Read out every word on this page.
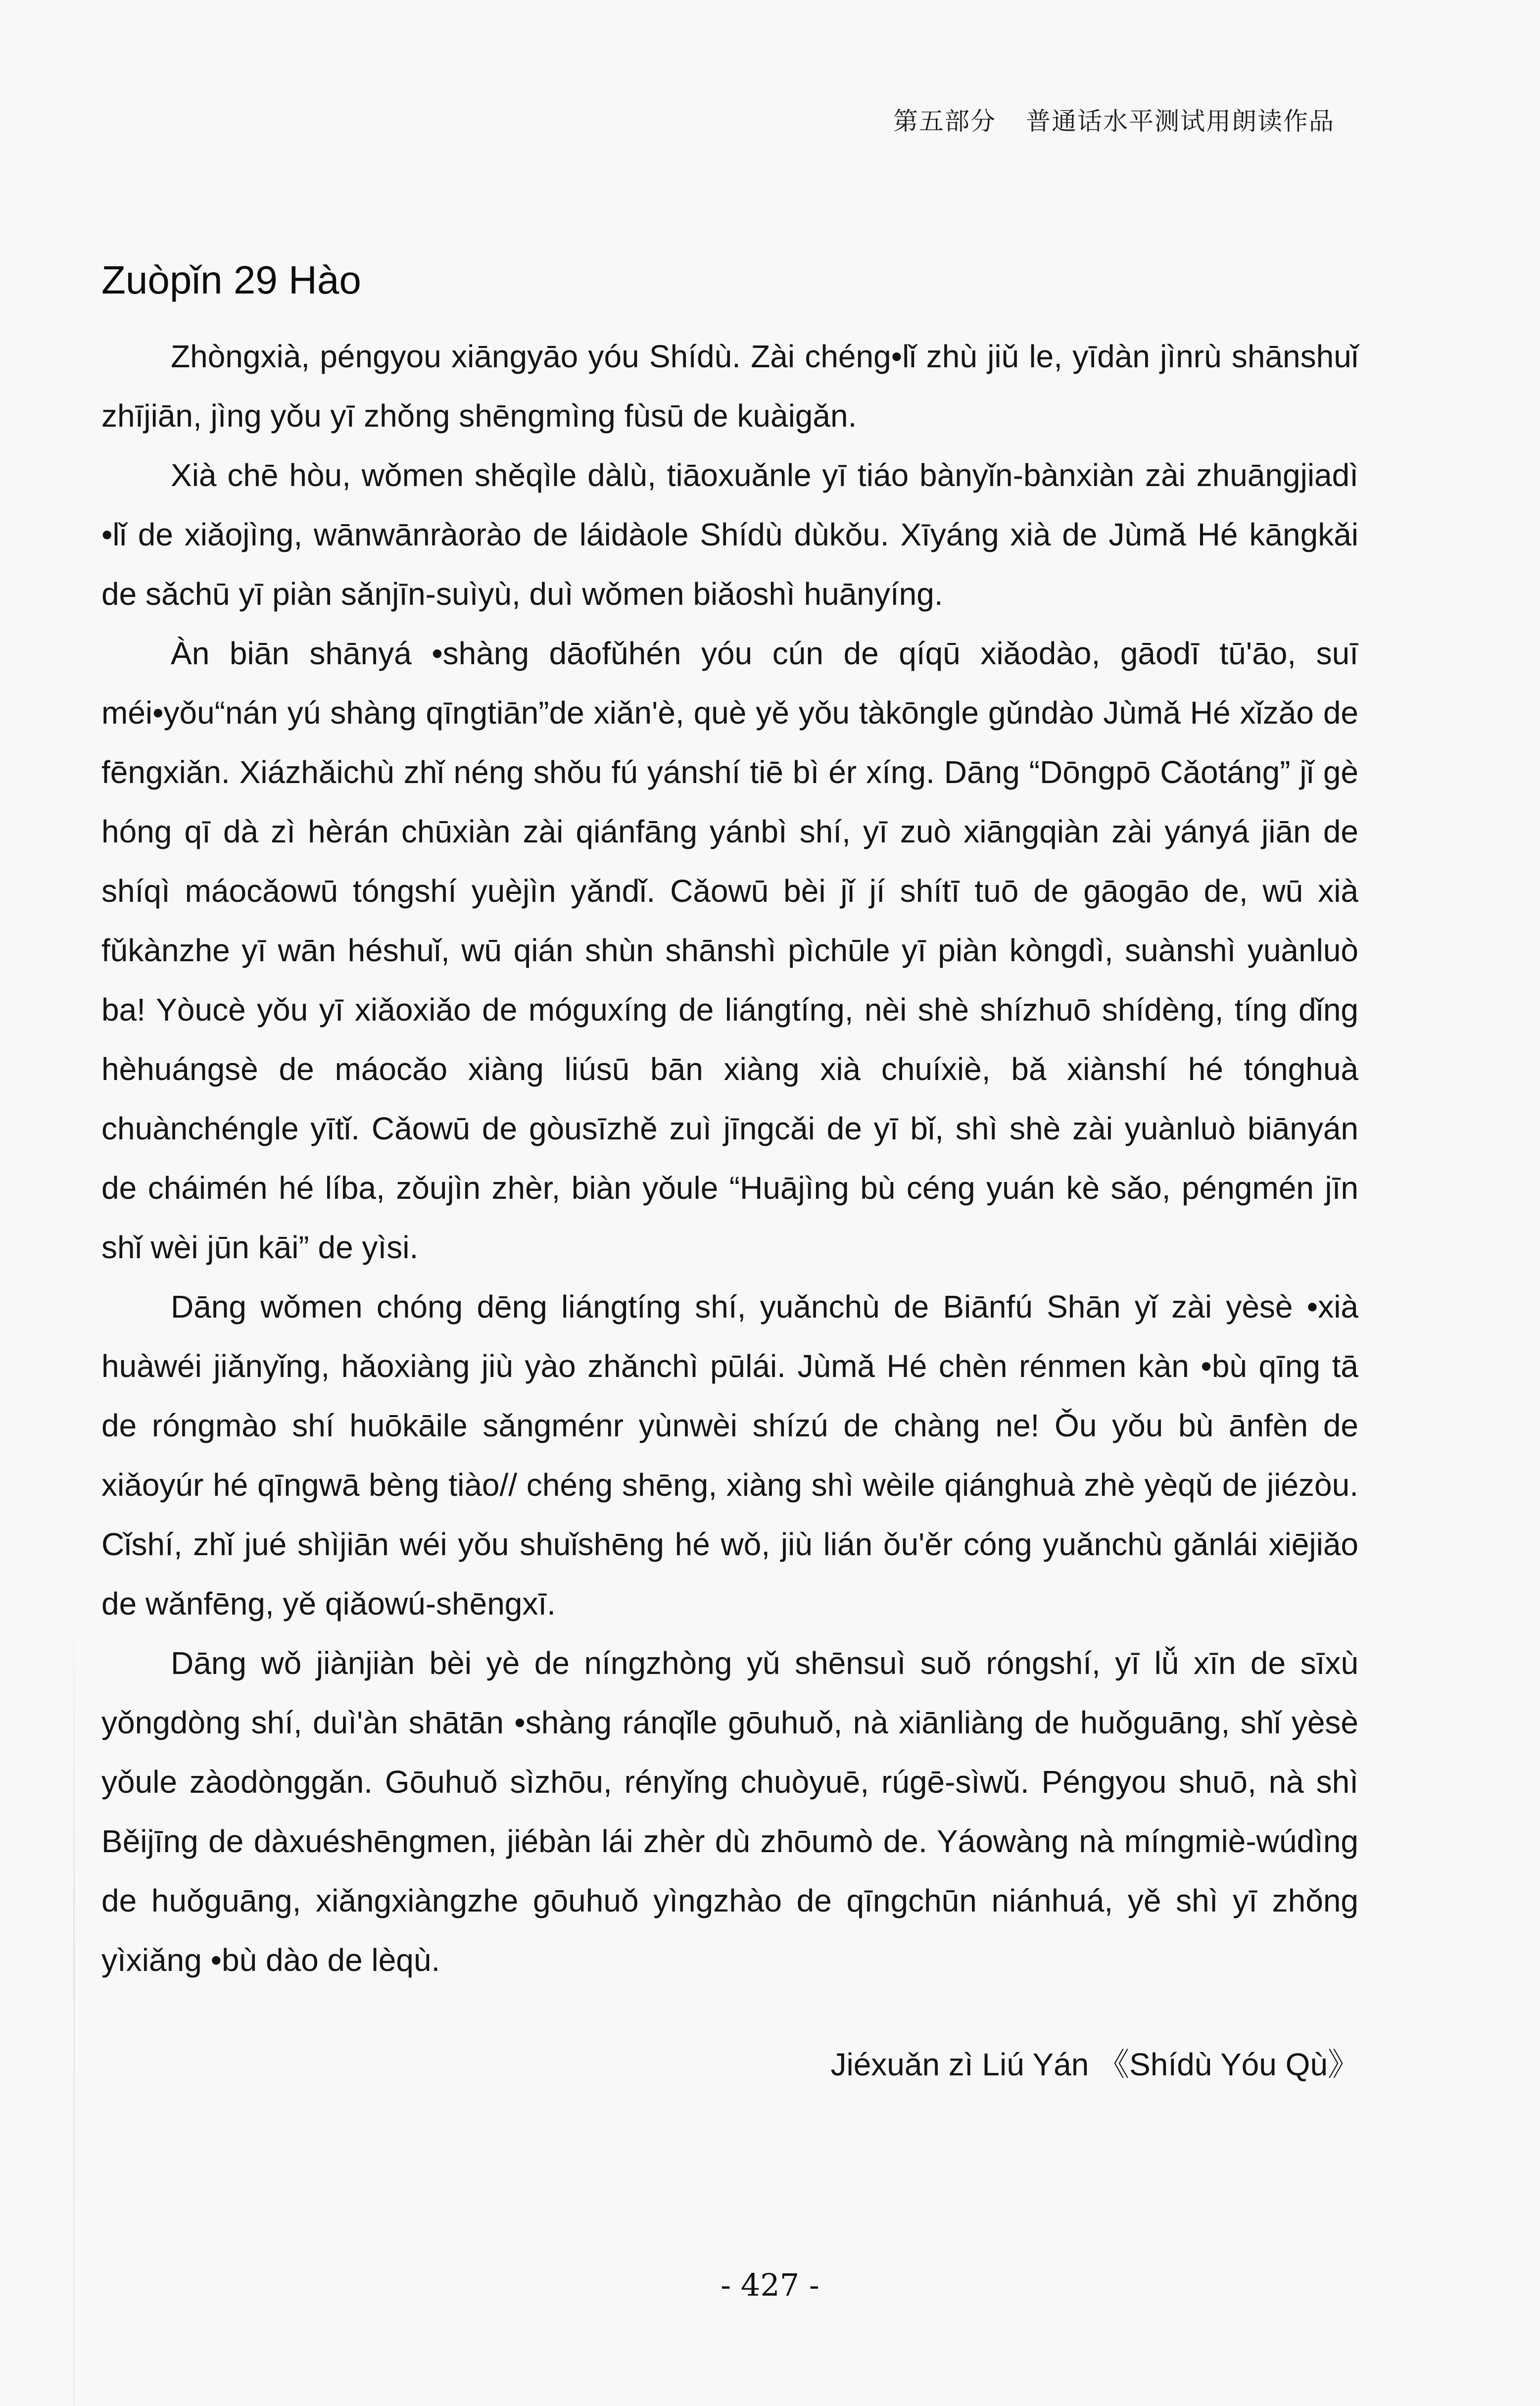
第五部分 普通话水平测试用朗读作品
Zuòpǐn 29 Hào

Zhòngxià, péngyou xiāngyāo yóu Shídù. Zài chéng•lǐ zhù jiǔ le, yīdàn jìnrù shānshuǐ zhījiān, jìng yǒu yī zhǒng shēngmìng fùsū de kuàigǎn.

Xià chē hòu, wǒmen shěqìle dàlù, tiāoxuǎnle yī tiáo bànyǐn-bànxiàn zài zhuāngjiadì •lǐ de xiǎojìng, wānwānràorào de láidàole Shídù dùkǒu. Xīyáng xià de Jùmǎ Hé kāngkǎi de sǎchū yī piàn sǎnjīn-suìyù, duì wǒmen biǎoshì huānyíng.

Àn biān shānyá •shàng dāofǔhén yóu cún de qíqū xiǎodào, gāodī tū'āo, suī méi•yǒu“nán yú shàng qīngtiān”de xiǎn'è, què yě yǒu tàkōngle gǔndào Jùmǎ Hé xǐzǎo de fēngxiǎn. Xiázhǎichù zhǐ néng shǒu fú yánshí tiē bì ér xíng. Dāng “Dōngpō Cǎotáng” jǐ gè hóng qī dà zì hèrán chūxiàn zài qiánfāng yánbì shí, yī zuò xiāngqiàn zài yányá jiān de shíqì máocǎowū tóngshí yuèjìn yǎndǐ. Cǎowū bèi jǐ jí shítī tuō de gāogāo de, wū xià fǔkànzhe yī wān héshuǐ, wū qián shùn shānshì pìchūle yī piàn kòngdì, suànshì yuànluò ba! Yòucè yǒu yī xiǎoxiǎo de móguxíng de liángtíng, nèi shè shízhuō shídèng, tíng dǐng hèhuángsè de máocǎo xiàng liúsū bān xiàng xià chuíxiè, bǎ xiànshí hé tónghuà chuànchéngle yītǐ. Cǎowū de gòusīzhě zuì jīngcǎi de yī bǐ, shì shè zài yuànluò biānyán de cháimén hé líba, zǒujìn zhèr, biàn yǒule “Huājìng bù céng yuán kè sǎo, péngmén jīn shǐ wèi jūn kāi” de yìsi.

Dāng wǒmen chóng dēng liángtíng shí, yuǎnchù de Biānfú Shān yǐ zài yèsè •xià huàwéi jiǎnyǐng, hǎoxiàng jiù yào zhǎnchì pūlái. Jùmǎ Hé chèn rénmen kàn •bù qīng tā de róngmào shí huōkāile sǎngménr yùnwèi shízú de chàng ne! Ǒu yǒu bù ānfèn de xiǎoyúr hé qīngwā bèng tiào// chéng shēng, xiàng shì wèile qiánghuà zhè yèqǔ de jiézòu. Cǐshí, zhǐ jué shìjiān wéi yǒu shuǐshēng hé wǒ, jiù lián ǒu'ěr cóng yuǎnchù gǎnlái xiējiǎo de wǎnfēng, yě qiǎowú-shēngxī.

Dāng wǒ jiànjiàn bèi yè de níngzhòng yǔ shēnsuì suǒ róngshí, yī lǚ xīn de sīxù yǒngdòng shí, duì'àn shātān •shàng ránqǐle gōuhuǒ, nà xiānliàng de huǒguāng, shǐ yèsè yǒule zàodònggǎn. Gōuhuǒ sìzhōu, rényǐng chuòyuē, rúgē-sìwǔ. Péngyou shuō, nà shì Běijīng de dàxuéshēngmen, jiébàn lái zhèr dù zhōumò de. Yáowàng nà míngmiè-wúdìng de huǒguāng, xiǎngxiàngzhe gōuhuǒ yìngzhào de qīngchūn niánhuá, yě shì yī zhǒng yìxiǎng •bù dào de lèqù.

Jiéxuǎn zì Liú Yán 《Shídù Yóu Qù》
- 427 -
